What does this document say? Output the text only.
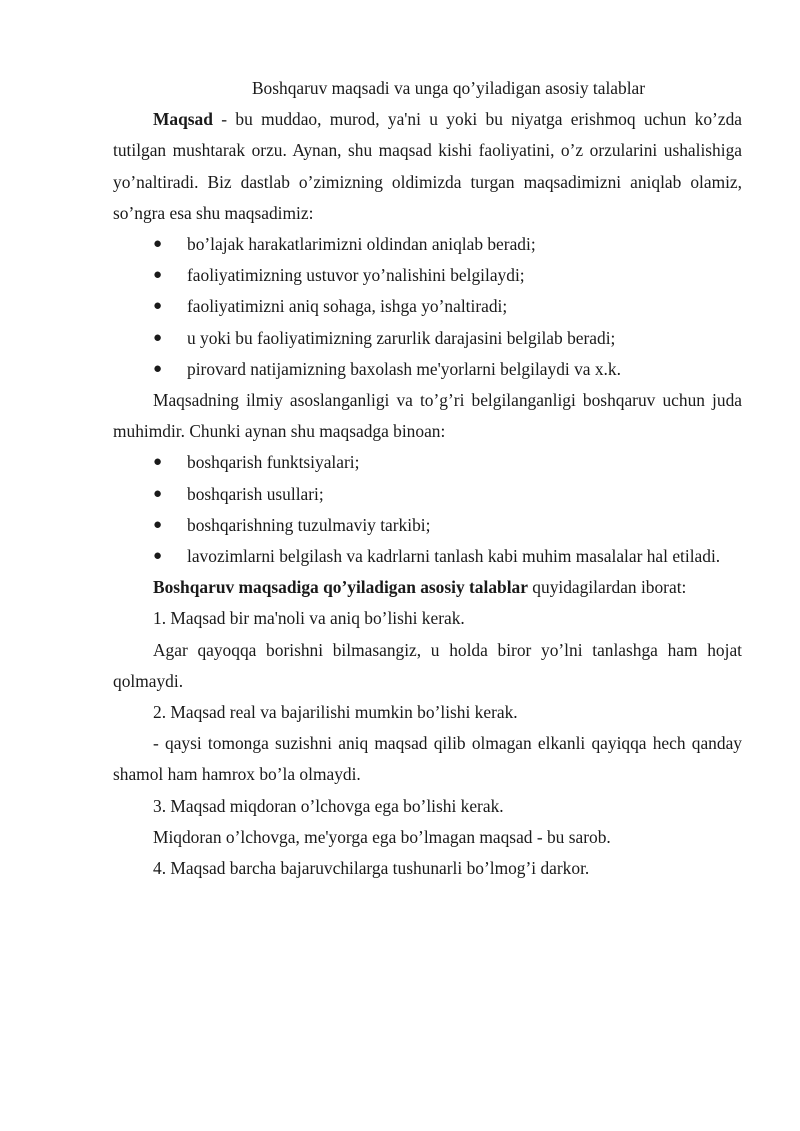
Boshqaruv maqsadi va unga qo’yiladigan asosiy talablar

Maqsad - bu muddao, murod, ya'ni u yoki bu niyatga erishmoq uchun ko’zda tutilgan mushtarak orzu. Aynan, shu maqsad kishi faoliyatini, o’z orzularini ushalishiga yo’naltiradi. Biz dastlab o’zimizning oldimizda turgan maqsadimizni aniqlab olamiz, so’ngra esa shu maqsadimiz:

● bo’lajak harakatlarimizni oldindan aniqlab beradi;
● faoliyatimizning ustuvor yo’nalishini belgilaydi;
● faoliyatimizni aniq sohaga, ishga yo’naltiradi;
● u yoki bu faoliyatimizning zarurlik darajasini belgilab beradi;
● pirovard natijamizning baxolash me'yorlarni belgilaydi va x.k.

Maqsadning ilmiy asoslanganligi va to’g’ri belgilanganligi boshqaruv uchun juda muhimdir. Chunki aynan shu maqsadga binoan:

● boshqarish funktsiyalari;
● boshqarish usullari;
● boshqarishning tuzulmaviy tarkibi;
● lavozimlarni belgilash va kadrlarni tanlash kabi muhim masalalar hal etiladi.

Boshqaruv maqsadiga qo’yiladigan asosiy talablar quyidagilardan iborat:

1. Maqsad bir ma'noli va aniq bo’lishi kerak.

Agar qayoqqa borishni bilmasangiz, u holda biror yo’lni tanlashga ham hojat qolmaydi.

2. Maqsad real va bajarilishi mumkin bo’lishi kerak.

- qaysi tomonga suzishni aniq maqsad qilib olmagan elkanli qayiqqa hech qanday shamol ham hamrox bo’la olmaydi.

3. Maqsad miqdoran o’lchovga ega bo’lishi kerak.

Miqdoran o’lchovga, me'yorga ega bo’lmagan maqsad - bu sarob.

4. Maqsad barcha bajaruvchilarga tushunarli bo’lmog’i darkor.
